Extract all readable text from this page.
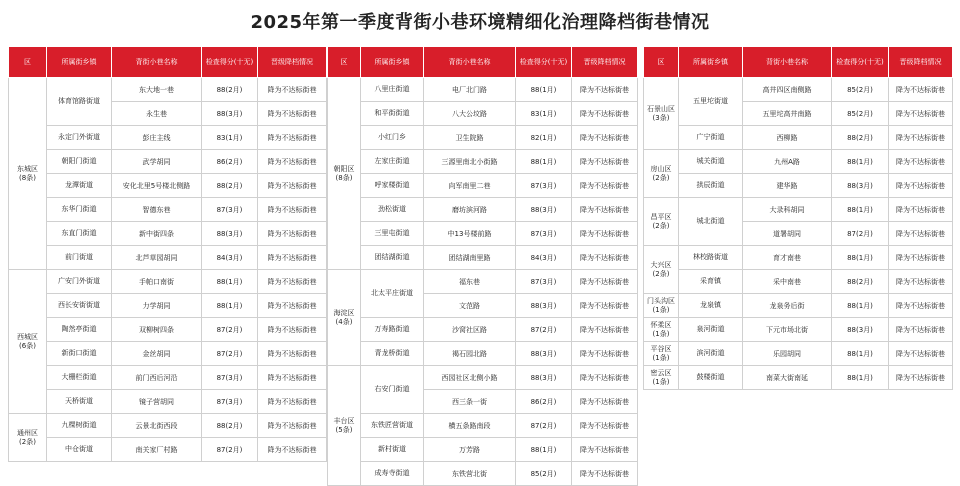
2025年第一季度背街小巷环境精细化治理降档街巷情况
区	所属街乡镇	背街小巷名称	检查得分(十无)	晋级降档情况
东城区
(8条)	体育馆路街道	东大地一巷	88(2月)	降为不达标街巷
		永生巷	88(3月)	降为不达标街巷
	永定门外街道	彭庄主线	83(1月)	降为不达标街巷
	朝阳门街道	武学胡同	86(2月)	降为不达标街巷
	龙潭街道	安化北里5号楼北侧路	88(2月)	降为不达标街巷
	东华门街道	智德东巷	87(3月)	降为不达标街巷
	东直门街道	新中街四条	88(3月)	降为不达标街巷
	前门街道	北芦草园胡同	84(3月)	降为不达标街巷
西城区
(6条)	广安门外街道	手帕口南街	88(1月)	降为不达标街巷
	西长安街街道	力学胡同	88(1月)	降为不达标街巷
	陶然亭街道	双柳树四条	87(2月)	降为不达标街巷
	新街口街道	金丝胡同	87(2月)	降为不达标街巷
	大栅栏街道	前门西后河沿	87(3月)	降为不达标街巷
	天桥街道	镜子营胡同	87(3月)	降为不达标街巷
通州区
(2条)	九棵树街道	云景北街西段	88(2月)	降为不达标街巷
	中仓街道	南关家厂村路	87(2月)	降为不达标街巷
区	所属街乡镇	背街小巷名称	检查得分(十无)	晋级降档情况
朝阳区
(8条)	八里庄街道	电厂北门路	88(1月)	降为不达标街巷
	和平街街道	八大公坟路	83(1月)	降为不达标街巷
	小红门乡	卫生院路	82(1月)	降为不达标街巷
	左家庄街道	三源里南北小街路	88(1月)	降为不达标街巷
	呼家楼街道	向军南里二巷	87(3月)	降为不达标街巷
	劲松街道	磨坊滨河路	88(3月)	降为不达标街巷
	三里屯街道	中13号楼前路	87(3月)	降为不达标街巷
	团结湖街道	团结湖南里路	84(3月)	降为不达标街巷
海淀区
(4条)	北太平庄街道	福东巷	87(3月)	降为不达标街巷
		文范路	88(3月)	降为不达标街巷
	万寿路街道	沙窝社区路	87(2月)	降为不达标街巷
	青龙桥街道	褐石园北路	88(3月)	降为不达标街巷
丰台区
(5条)	右安门街道	西园社区北侧小路	88(3月)	降为不达标街巷
		西三条一街	86(2月)	降为不达标街巷
	东铁匠营街道	横五条路南段	87(2月)	降为不达标街巷
	新村街道	万芳路	88(1月)	降为不达标街巷
	成寿寺街道	东铁营北街	85(2月)	降为不达标街巷
区	所属街乡镇	背街小巷名称	检查得分(十无)	晋级降档情况
石景山区
(3条)	五里坨街道	高井四区南侧路	85(2月)	降为不达标街巷
		五里坨高井南路	85(2月)	降为不达标街巷
	广宁街道	西柳路	88(2月)	降为不达标街巷
房山区
(2条)	城关街道	九州A路	88(1月)	降为不达标街巷
	拱辰街道	建华路	88(3月)	降为不达标街巷
昌平区
(2条)	城北街道	大录科胡同	88(1月)	降为不达标街巷
		道署胡同	87(2月)	降为不达标街巷
大兴区
(2条)	林校路街道	育才南巷	88(1月)	降为不达标街巷
	采育镇	采中南巷	88(2月)	降为不达标街巷
门头沟区
(1条)	龙泉镇	龙泉务后街	88(1月)	降为不达标街巷
怀柔区
(1条)	泉河街道	下元市场北街	88(3月)	降为不达标街巷
平谷区
(1条)	滨河街道	乐园胡同	88(1月)	降为不达标街巷
密云区
(1条)	鼓楼街道	南菜大街南延	88(1月)	降为不达标街巷
